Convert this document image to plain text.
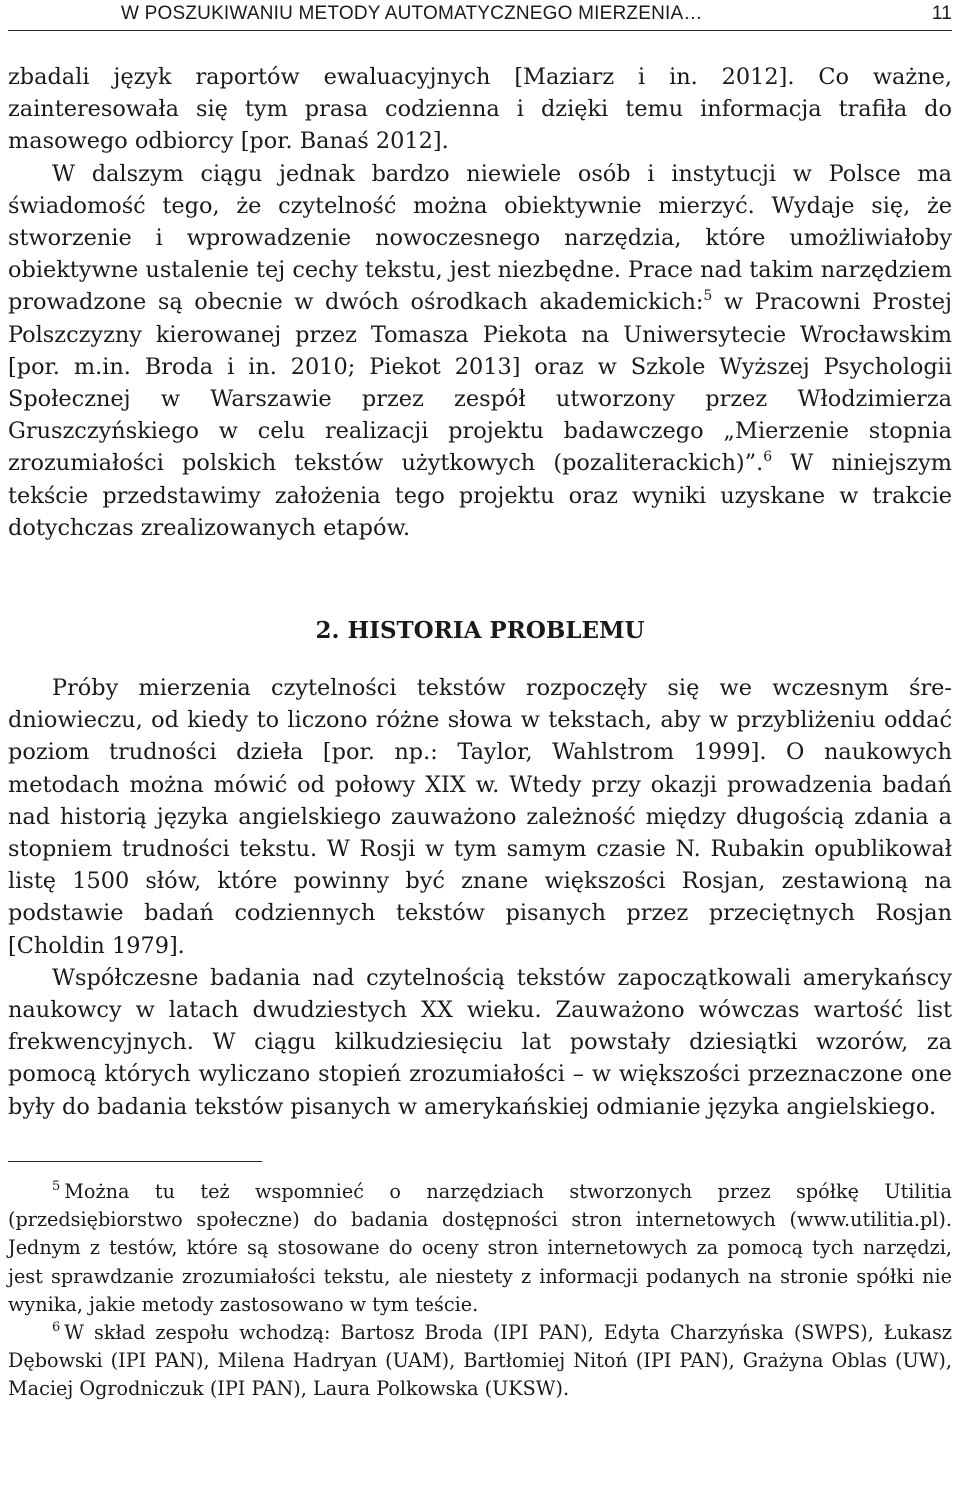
W POSZUKIWANIU METODY AUTOMATYCZNEGO MIERZENIA…	11

zbadali język raportów ewaluacyjnych [Maziarz i in. 2012]. Co ważne, zainteresowała się tym prasa codzienna i dzięki temu informacja trafiła do masowego odbiorcy [por. Banaś 2012].

W dalszym ciągu jednak bardzo niewiele osób i instytucji w Polsce ma świadomość tego, że czytelność można obiektywnie mierzyć. Wydaje się, że stworzenie i wprowadzenie nowoczesnego narzędzia, które umożliwiałoby obiektywne ustalenie tej cechy tekstu, jest niezbędne. Prace nad takim narzędziem prowadzone są obecnie w dwóch ośrodkach akademickich:$^5$ w Pracowni Prostej Polszczyzny kierowanej przez Tomasza Piekota na Uniwersytecie Wrocławskim [por. m.in. Broda i in. 2010; Piekot 2013] oraz w Szkole Wyższej Psychologii Społecznej w Warszawie przez zespół utworzony przez Włodzimierza Gruszczyńskiego w celu realizacji projektu badawczego „Mierzenie stopnia zrozumiałości polskich tekstów użytkowych (pozaliterackich)”.$^6$ W niniejszym tekście przedstawimy założenia tego projektu oraz wyniki uzyskane w trakcie dotychczas zrealizowanych etapów.

2. HISTORIA PROBLEMU

Próby mierzenia czytelności tekstów rozpoczęły się we wczesnym średniowieczu, od kiedy to liczono różne słowa w tekstach, aby w przybliżeniu oddać poziom trudności dzieła [por. np.: Taylor, Wahlstrom 1999]. O naukowych metodach można mówić od połowy XIX w. Wtedy przy okazji prowadzenia badań nad historią języka angielskiego zauważono zależność między długością zdania a stopniem trudności tekstu. W Rosji w tym samym czasie N. Rubakin opublikował listę 1500 słów, które powinny być znane większości Rosjan, zestawioną na podstawie badań codziennych tekstów pisanych przez przeciętnych Rosjan [Choldin 1979].

Współczesne badania nad czytelnością tekstów zapoczątkowali amerykańscy naukowcy w latach dwudziestych XX wieku. Zauważono wówczas wartość list frekwencyjnych. W ciągu kilkudziesięciu lat powstały dziesiątki wzorów, za pomocą których wyliczano stopień zrozumiałości – w większości przeznaczone one były do badania tekstów pisanych w amerykańskiej odmianie języka angielskiego.

$^5$ Można tu też wspomnieć o narzędziach stworzonych przez spółkę Utilitia (przedsiębiorstwo społeczne) do badania dostępności stron internetowych (www.​utilitia.pl). Jednym z testów, które są stosowane do oceny stron internetowych za pomocą tych narzędzi, jest sprawdzanie zrozumiałości tekstu, ale niestety z informacji podanych na stronie spółki nie wynika, jakie metody zastosowano w tym teście.

$^6$ W skład zespołu wchodzą: Bartosz Broda (IPI PAN), Edyta Charzyńska (SWPS), Łukasz Dębowski (IPI PAN), Milena Hadryan (UAM), Bartłomiej Nitoń (IPI PAN), Grażyna Oblas (UW), Maciej Ogrodniczuk (IPI PAN), Laura Polkowska (UKSW).
